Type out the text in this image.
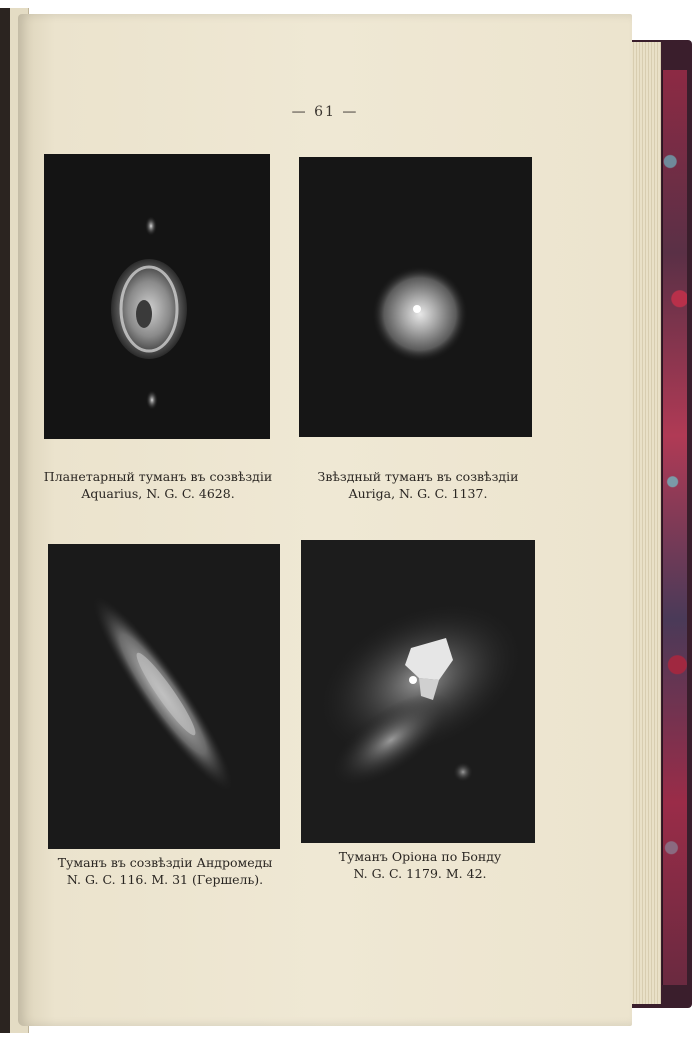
— 61 —
Планетарный туманъ въ созвѣздіи
Aquarius, N. G. C. 4628.
Звѣздный туманъ въ созвѣздіи
Auriga, N. G. C. 1137.
Туманъ въ созвѣздіи Андромеды
N. G. C. 116. M. 31 (Гершель).
Туманъ Оріона по Бонду
N. G. C. 1179. M. 42.
